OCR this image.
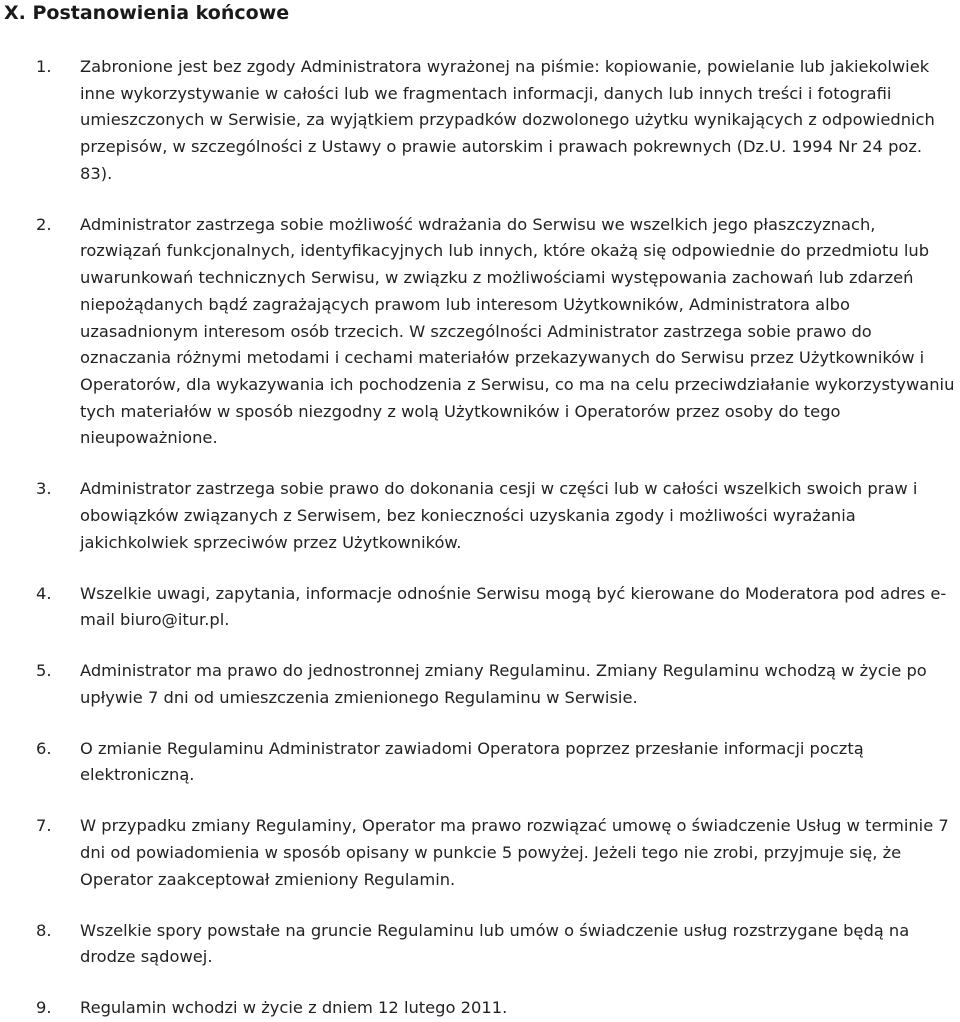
X. Postanowienia końcowe
1. Zabronione jest bez zgody Administratora wyrażonej na piśmie: kopiowanie, powielanie lub jakiekolwiek inne wykorzystywanie w całości lub we fragmentach informacji, danych lub innych treści i fotografii umieszczonych w Serwisie, za wyjątkiem przypadków dozwolonego użytku wynikających z odpowiednich przepisów, w szczególności z Ustawy o prawie autorskim i prawach pokrewnych (Dz.U. 1994 Nr 24 poz. 83).
2. Administrator zastrzega sobie możliwość wdrażania do Serwisu we wszelkich jego płaszczyznach, rozwiązań funkcjonalnych, identyfikacyjnych lub innych, które okażą się odpowiednie do przedmiotu lub uwarunkowań technicznych Serwisu, w związku z możliwościami występowania zachowań lub zdarzeń niepożądanych bądź zagrażających prawom lub interesom Użytkowników, Administratora albo uzasadnionym interesom osób trzecich. W szczególności Administrator zastrzega sobie prawo do oznaczania różnymi metodami i cechami materiałów przekazywanych do Serwisu przez Użytkowników i Operatorów, dla wykazywania ich pochodzenia z Serwisu, co ma na celu przeciwdziałanie wykorzystywaniu tych materiałów w sposób niezgodny z wolą Użytkowników i Operatorów przez osoby do tego nieupoważnione.
3. Administrator zastrzega sobie prawo do dokonania cesji w części lub w całości wszelkich swoich praw i obowiązków związanych z Serwisem, bez konieczności uzyskania zgody i możliwości wyrażania jakichkolwiek sprzeciwów przez Użytkowników.
4. Wszelkie uwagi, zapytania, informacje odnośnie Serwisu mogą być kierowane do Moderatora pod adres e-mail biuro@itur.pl.
5. Administrator ma prawo do jednostronnej zmiany Regulaminu. Zmiany Regulaminu wchodzą w życie po upływie 7 dni od umieszczenia zmienionego Regulaminu w Serwisie.
6. O zmianie Regulaminu Administrator zawiadomi Operatora poprzez przesłanie informacji pocztą elektroniczną.
7. W przypadku zmiany Regulaminy, Operator ma prawo rozwiązać umowę o świadczenie Usług w terminie 7 dni od powiadomienia w sposób opisany w punkcie 5 powyżej. Jeżeli tego nie zrobi, przyjmuje się, że Operator zaakceptował zmieniony Regulamin.
8. Wszelkie spory powstałe na gruncie Regulaminu lub umów o świadczenie usług rozstrzygane będą na drodze sądowej.
9. Regulamin wchodzi w życie z dniem 12 lutego 2011.
